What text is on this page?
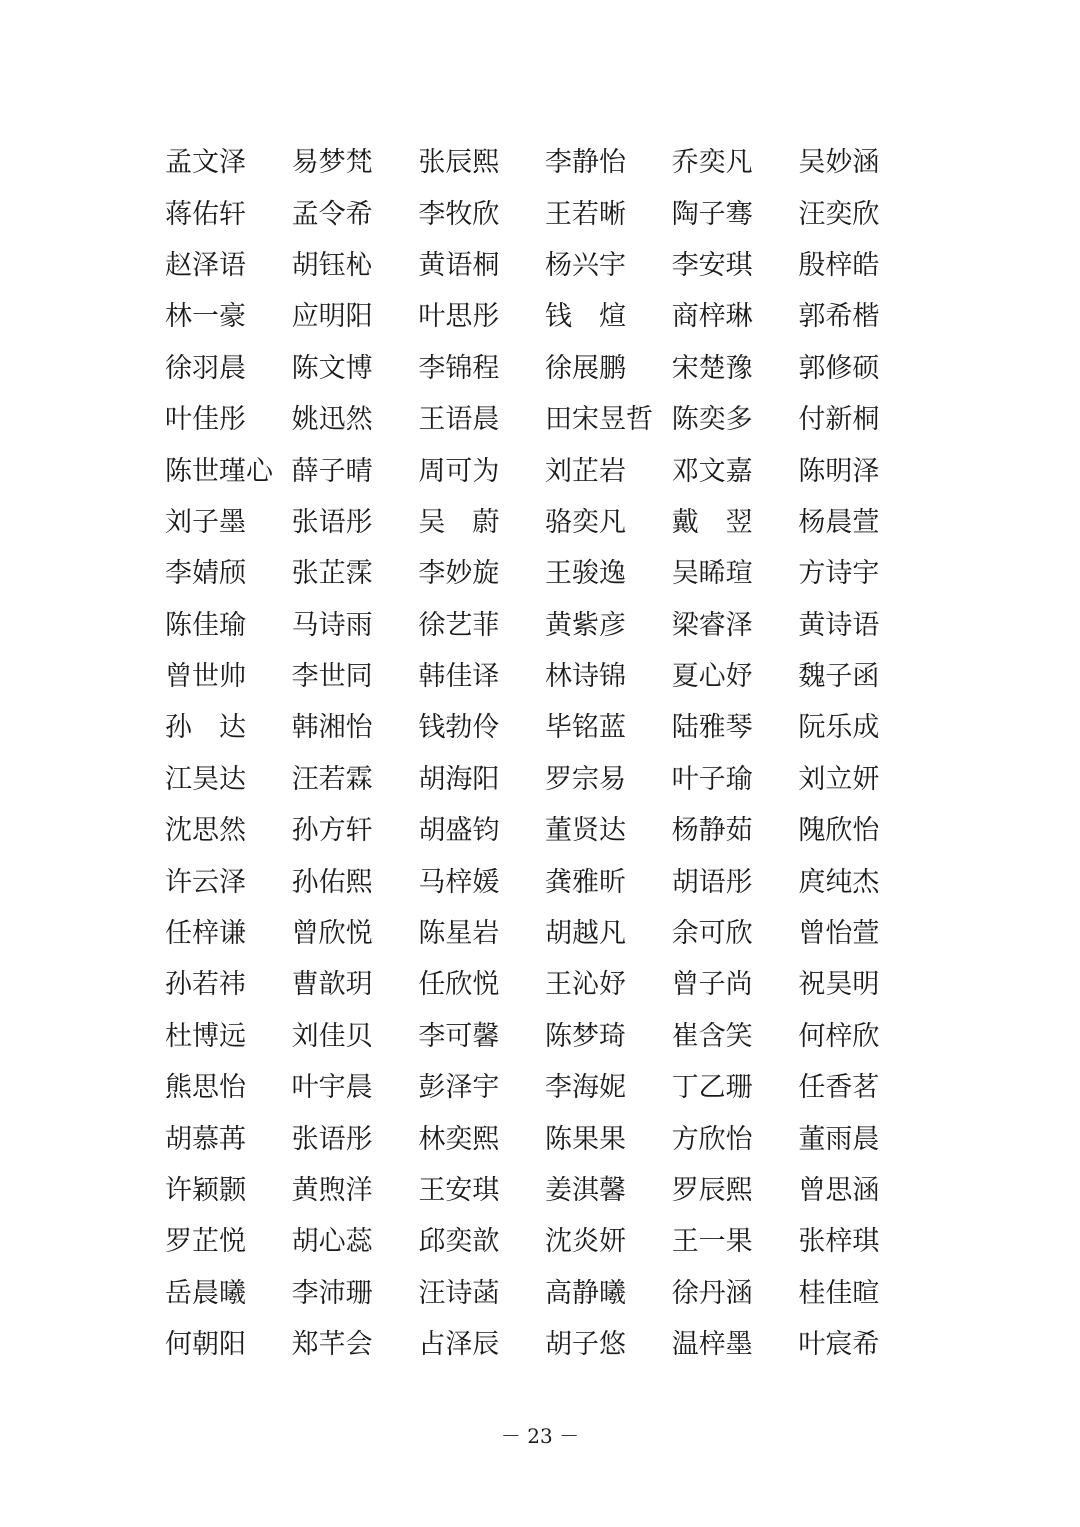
孟文泽	易梦梵	张辰熙	李静怡	乔奕凡	吴妙涵
蒋佑轩	孟令希	李牧欣	王若晰	陶子骞	汪奕欣
赵泽语	胡钰杺	黄语桐	杨兴宇	李安琪	殷梓皓
林一豪	应明阳	叶思彤	钱　煊	商梓琳	郭希楷
徐羽晨	陈文博	李锦程	徐展鹏	宋楚豫	郭修硕
叶佳彤	姚迅然	王语晨	田宋昱哲 陈奕多	付新桐
陈世瑾心 薛子晴	周可为	刘芷岩	邓文嘉	陈明泽
刘子墨	张语彤	吴　蔚	骆奕凡	戴　翌	杨晨萱
李婧颀	张芷霂	李妙旋	王骏逸	吴睎瑄	方诗宇
陈佳瑜	马诗雨	徐艺菲	黄紫彦	梁睿泽	黄诗语
曾世帅	李世同	韩佳译	林诗锦	夏心妤	魏子函
孙　达	韩湘怡	钱勃伶	毕铭蓝	陆雅琴	阮乐成
江昊达	汪若霖	胡海阳	罗宗易	叶子瑜	刘立妍
沈思然	孙方轩	胡盛钧	董贤达	杨静茹	隗欣怡
许云泽	孙佑熙	马梓媛	龚雅昕	胡语彤	庹纯杰
任梓谦	曾欣悦	陈星岩	胡越凡	余可欣	曾怡萱
孙若祎	曹歆玥	任欣悦	王沁妤	曾子尚	祝昊明
杜博远	刘佳贝	李可馨	陈梦琦	崔含笑	何梓欣
熊思怡	叶宇晨	彭泽宇	李海妮	丁乙珊	任香茗
胡慕苒	张语彤	林奕熙	陈果果	方欣怡	董雨晨
许颖颢	黄煦洋	王安琪	姜淇馨	罗辰熙	曾思涵
罗芷悦	胡心蕊	邱奕歆	沈炎妍	王一果	张梓琪
岳晨曦	李沛珊	汪诗菡	高静曦	徐丹涵	桂佳暄
何朝阳	郑芊会	占泽辰	胡子悠	温梓墨	叶宸希
－ 23 －
